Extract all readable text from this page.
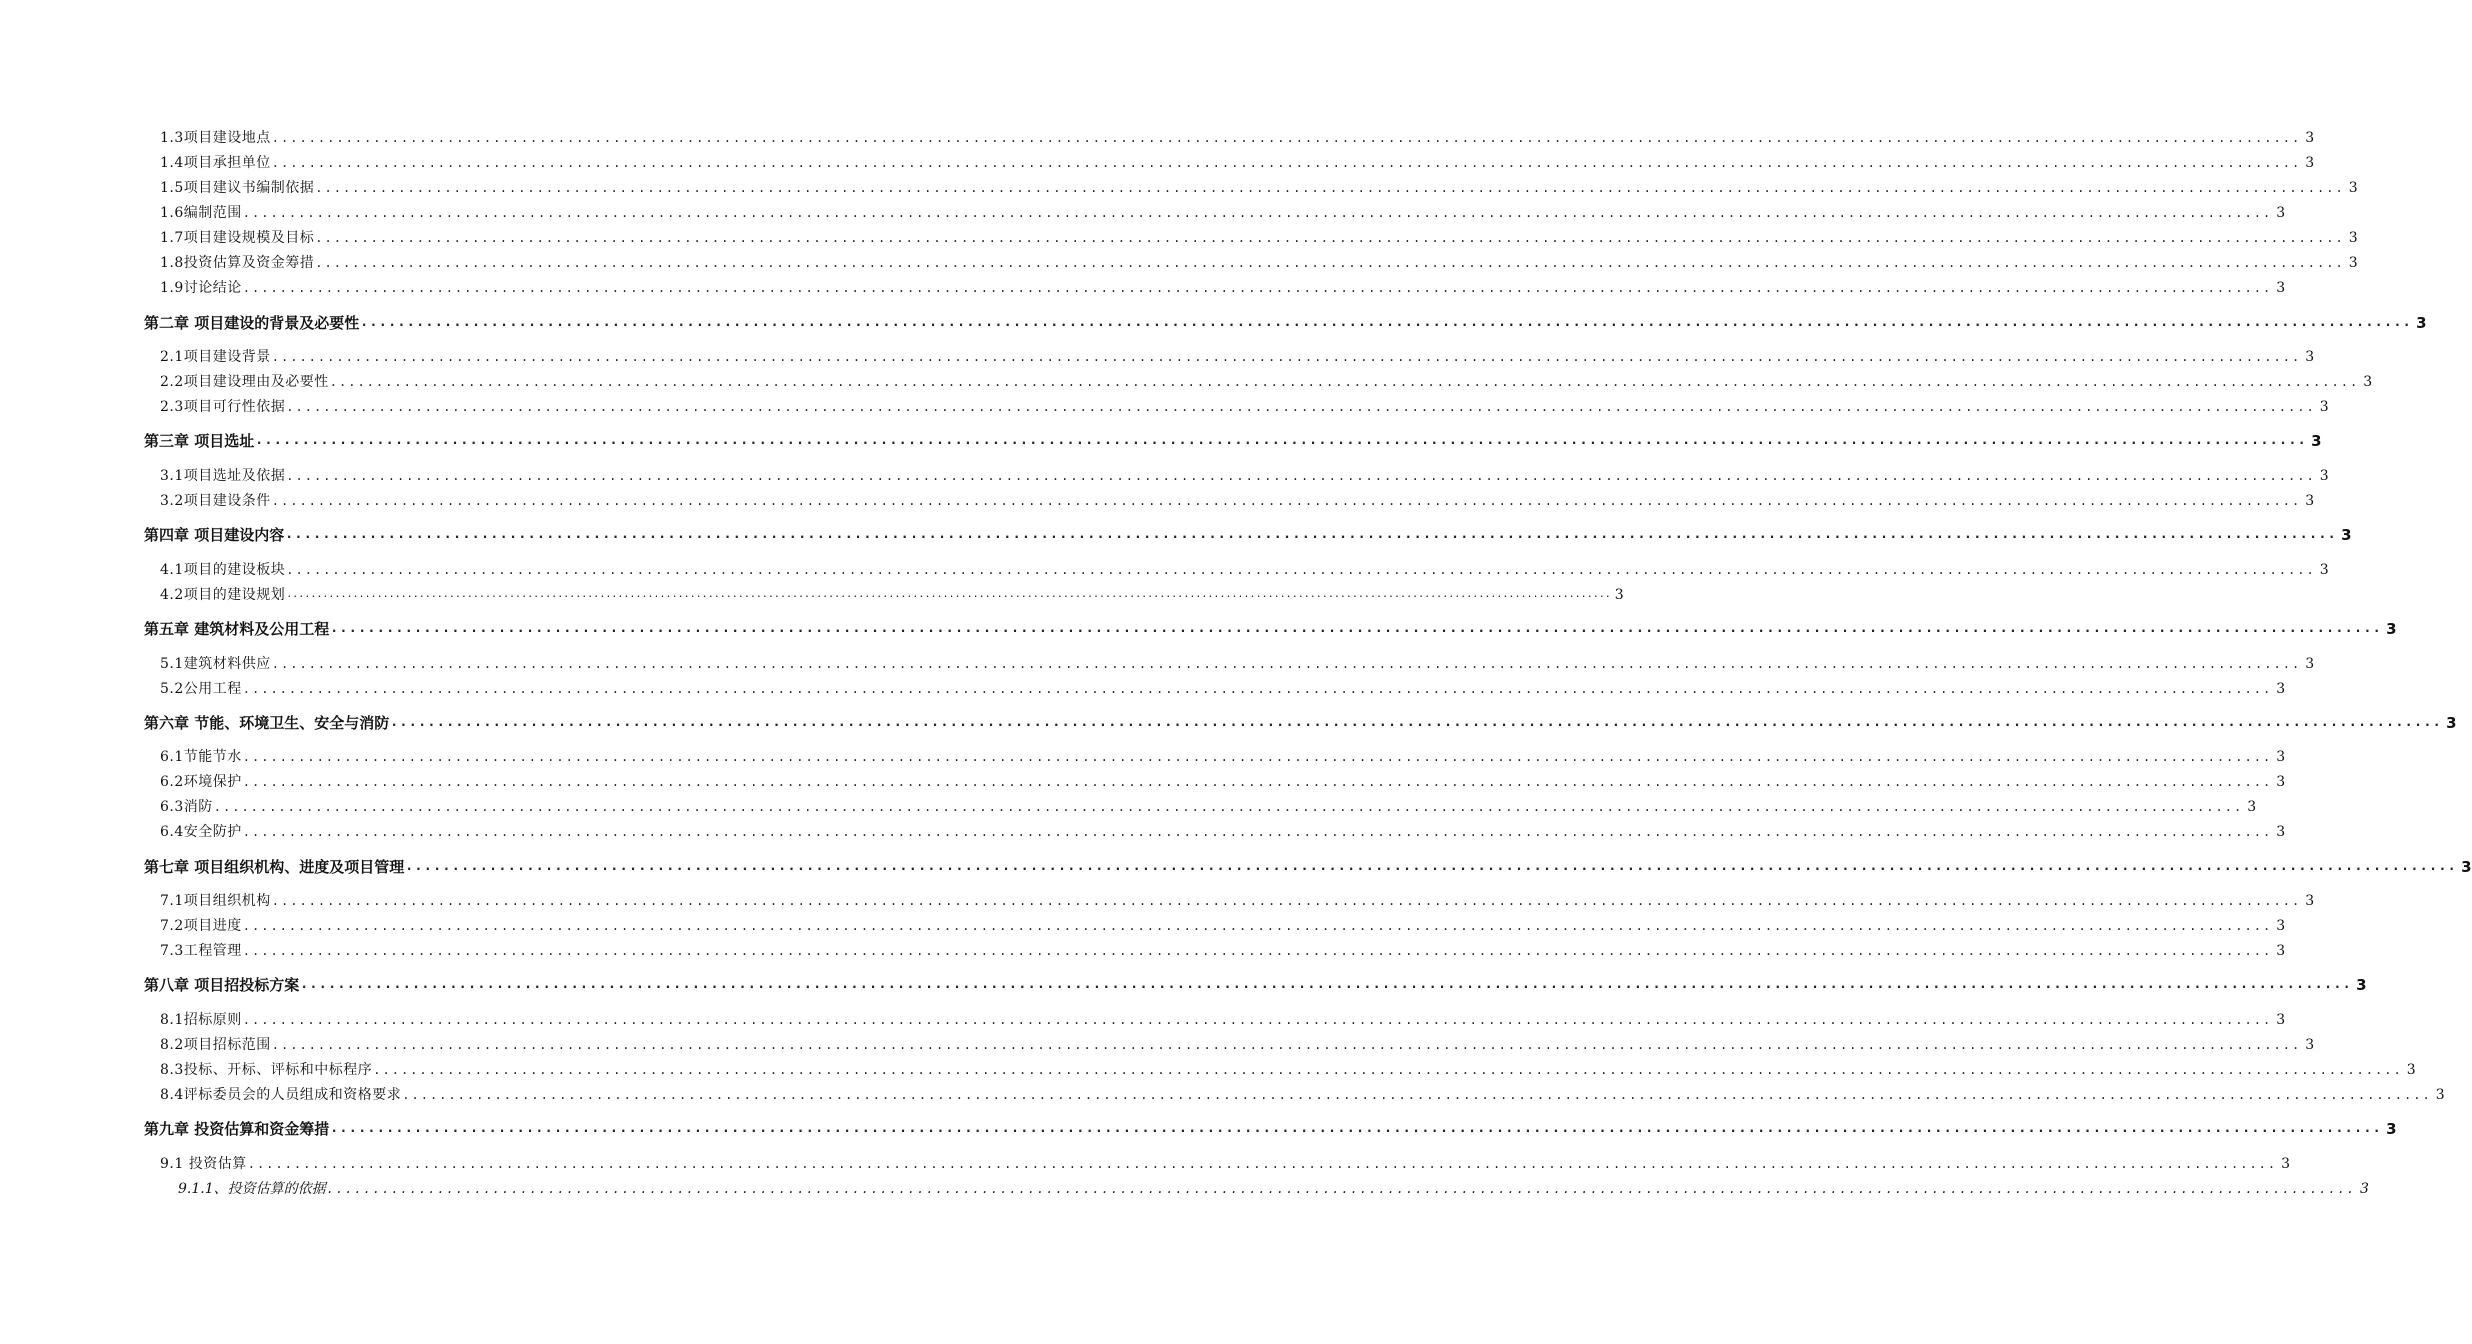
1.3项目建设地点 ............................................................................................................................................................................................................................ 3
1.4项目承担单位 ............................................................................................................................................................................................................................ 3
1.5项目建议书编制依据 ............................................................................................................................................................................................................................ 3
1.6编制范围 ............................................................................................................................................................................................................................ 3
1.7项目建设规模及目标 ............................................................................................................................................................................................................................ 3
1.8投资估算及资金筹措 ............................................................................................................................................................................................................................ 3
1.9讨论结论 ............................................................................................................................................................................................................................ 3
第二章 项目建设的背景及必要性 ............................................................................................................................................................................................................................ 3
2.1项目建设背景 ............................................................................................................................................................................................................................ 3
2.2项目建设理由及必要性 ............................................................................................................................................................................................................................ 3
2.3项目可行性依据 ............................................................................................................................................................................................................................ 3
第三章 项目选址 ............................................................................................................................................................................................................................ 3
3.1项目选址及依据 ............................................................................................................................................................................................................................ 3
3.2项目建设条件 ............................................................................................................................................................................................................................ 3
第四章 项目建设内容 ............................................................................................................................................................................................................................ 3
4.1项目的建设板块 ............................................................................................................................................................................................................................ 3
4.2项目的建设规划 ............................................................................................................................................................................................................................ 3
第五章 建筑材料及公用工程 ............................................................................................................................................................................................................................ 3
5.1建筑材料供应 ............................................................................................................................................................................................................................ 3
5.2公用工程 ............................................................................................................................................................................................................................ 3
第六章 节能、环境卫生、安全与消防 ............................................................................................................................................................................................................................ 3
6.1节能节水 ............................................................................................................................................................................................................................ 3
6.2环境保护 ............................................................................................................................................................................................................................ 3
6.3消防 ............................................................................................................................................................................................................................ 3
6.4安全防护 ............................................................................................................................................................................................................................ 3
第七章 项目组织机构、进度及项目管理 ............................................................................................................................................................................................................................ 3
7.1项目组织机构 ............................................................................................................................................................................................................................ 3
7.2项目进度 ............................................................................................................................................................................................................................ 3
7.3工程管理 ............................................................................................................................................................................................................................ 3
第八章 项目招投标方案 ............................................................................................................................................................................................................................ 3
8.1招标原则 ............................................................................................................................................................................................................................ 3
8.2项目招标范围 ............................................................................................................................................................................................................................ 3
8.3投标、开标、评标和中标程序 ............................................................................................................................................................................................................................ 3
8.4评标委员会的人员组成和资格要求 ............................................................................................................................................................................................................................ 3
第九章 投资估算和资金筹措 ............................................................................................................................................................................................................................ 3
9.1 投资估算 ............................................................................................................................................................................................................................ 3
9.1.1、投资估算的依据 ............................................................................................................................................................................................................................ 3
